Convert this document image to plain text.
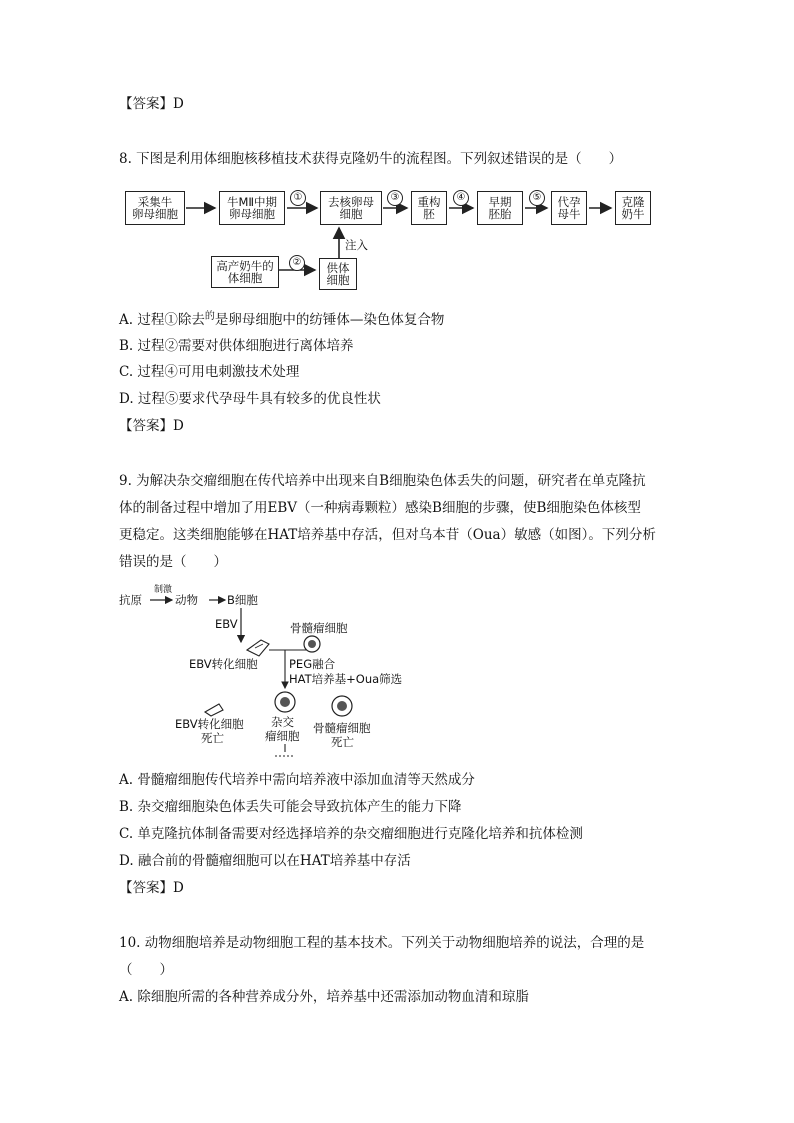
【答案】D
8. 下图是利用体细胞核移植技术获得克隆奶牛的流程图。下列叙述错误的是（　　）
采集牛
卵母细胞
牛MⅡ中期
卵母细胞
①	去核卵母
细胞
③	重构
胚
④	早期
胚胎
⑤	代孕
母牛
克隆
奶牛
高产奶牛的
体细胞
②	供体
细胞
注入
A. 过程①除去$^的$是卵母细胞中的纺锤体—染色体复合物
B. 过程②需要对供体细胞进行离体培养
C. 过程④可用电刺激技术处理
D. 过程⑤要求代孕母牛具有较多的优良性状
【答案】D
9. 为解决杂交瘤细胞在传代培养中出现来自B细胞染色体丢失的问题，研究者在单克隆抗
体的制备过程中增加了用EBV（一种病毒颗粒）感染B细胞的步骤，使B细胞染色体核型
更稳定。这类细胞能够在HAT培养基中存活，但对乌本苷（Oua）敏感（如图）。下列分析
错误的是（　　）
抗原
制激
动物	B细胞
EBV	骨髓瘤细胞
EBV转化细胞	PEG融合
HAT培养基+Oua筛选
EBV转化细胞
死亡
杂交
瘤细胞
骨髓瘤细胞
死亡
A. 骨髓瘤细胞传代培养中需向培养液中添加血清等天然成分
B. 杂交瘤细胞染色体丢失可能会导致抗体产生的能力下降
C. 单克隆抗体制备需要对经选择培养的杂交瘤细胞进行克隆化培养和抗体检测
D. 融合前的骨髓瘤细胞可以在HAT培养基中存活
【答案】D
10. 动物细胞培养是动物细胞工程的基本技术。下列关于动物细胞培养的说法，合理的是
（　　）
A. 除细胞所需的各种营养成分外，培养基中还需添加动物血清和琼脂
